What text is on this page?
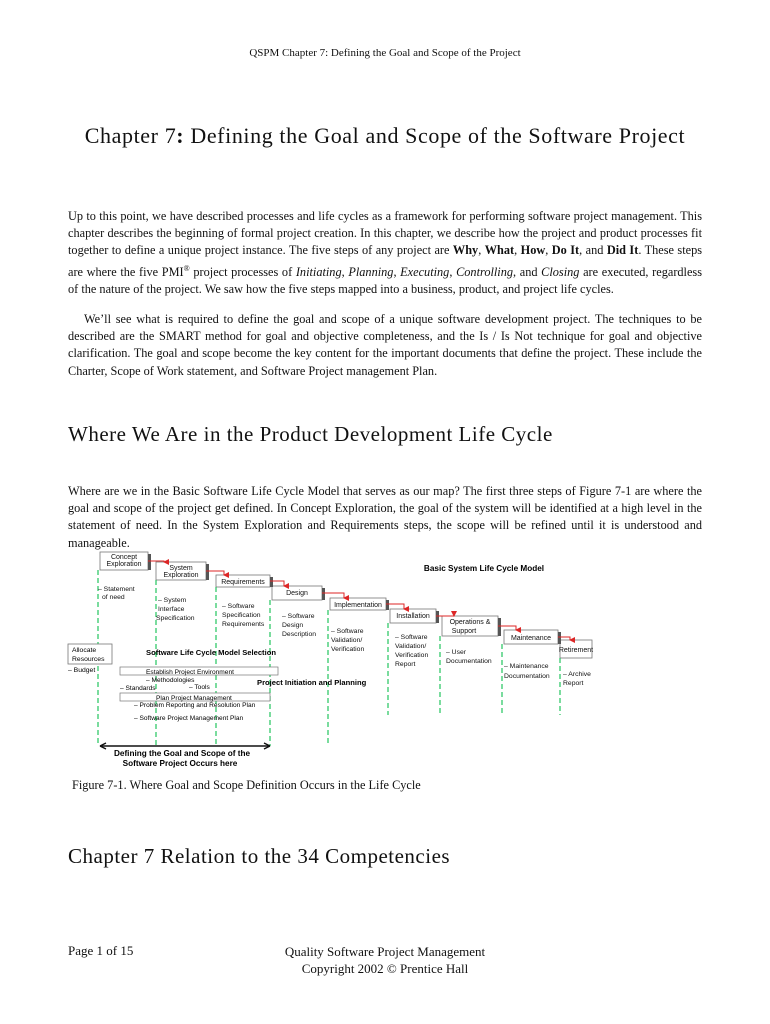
QSPM Chapter 7: Defining the Goal and Scope of the Project
Chapter 7: Defining the Goal and Scope of the Software Project

Up to this point, we have described processes and life cycles as a framework for performing software project management. This chapter describes the beginning of formal project creation. In this chapter, we describe how the project and product processes fit together to define a unique project instance. The five steps of any project are Why, What, How, Do It, and Did It. These steps are where the five PMI® project processes of Initiating, Planning, Executing, Controlling, and Closing are executed, regardless of the nature of the project. We saw how the five steps mapped into a business, product, and project life cycles.

We’ll see what is required to define the goal and scope of a unique software development project. The techniques to be described are the SMART method for goal and objective completeness, and the Is / Is Not technique for goal and objective clarification. The goal and scope become the key content for the important documents that define the project. These include the Charter, Scope of Work statement, and Software Project management Plan.

Where We Are in the Product Development Life Cycle

Where are we in the Basic Software Life Cycle Model that serves as our map? The first three steps of Figure 7-1 are where the goal and scope of the project get defined. In Concept Exploration, the goal of the system will be identified at a high level in the statement of need. In the System Exploration and Requirements steps, the scope will be refined until it is understood and manageable.

Concept
Exploration
System
Exploration
Requirements
Design
Implementation
Installation
Operations &
Support
Maintenance
Retirement
Basic System Life Cycle Model
– Statement
of need	– System
Interface
Specification
– Software
Specification
Requirements
– Software
Design
Description – Software
Validation/
Verification
– Software
Validation/
Verification
Report
– User
Documentation
– Maintenance
Documentation – Archive
Report
Allocate
Resources
– Budget
Software Life Cycle Model Selection
Establish Project Environment
– Methodologies
– Tools
– Standards
Project Initiation and Planning
Plan Project Management
– Problem Reporting and Resolution Plan
– Software Project Management Plan
Defining the Goal and Scope of the
Software Project Occurs here
Figure 7-1. Where Goal and Scope Definition Occurs in the Life Cycle
Chapter 7 Relation to the 34 Competencies
Page 1 of 15	Quality Software Project Management
Copyright 2002 © Prentice Hall
